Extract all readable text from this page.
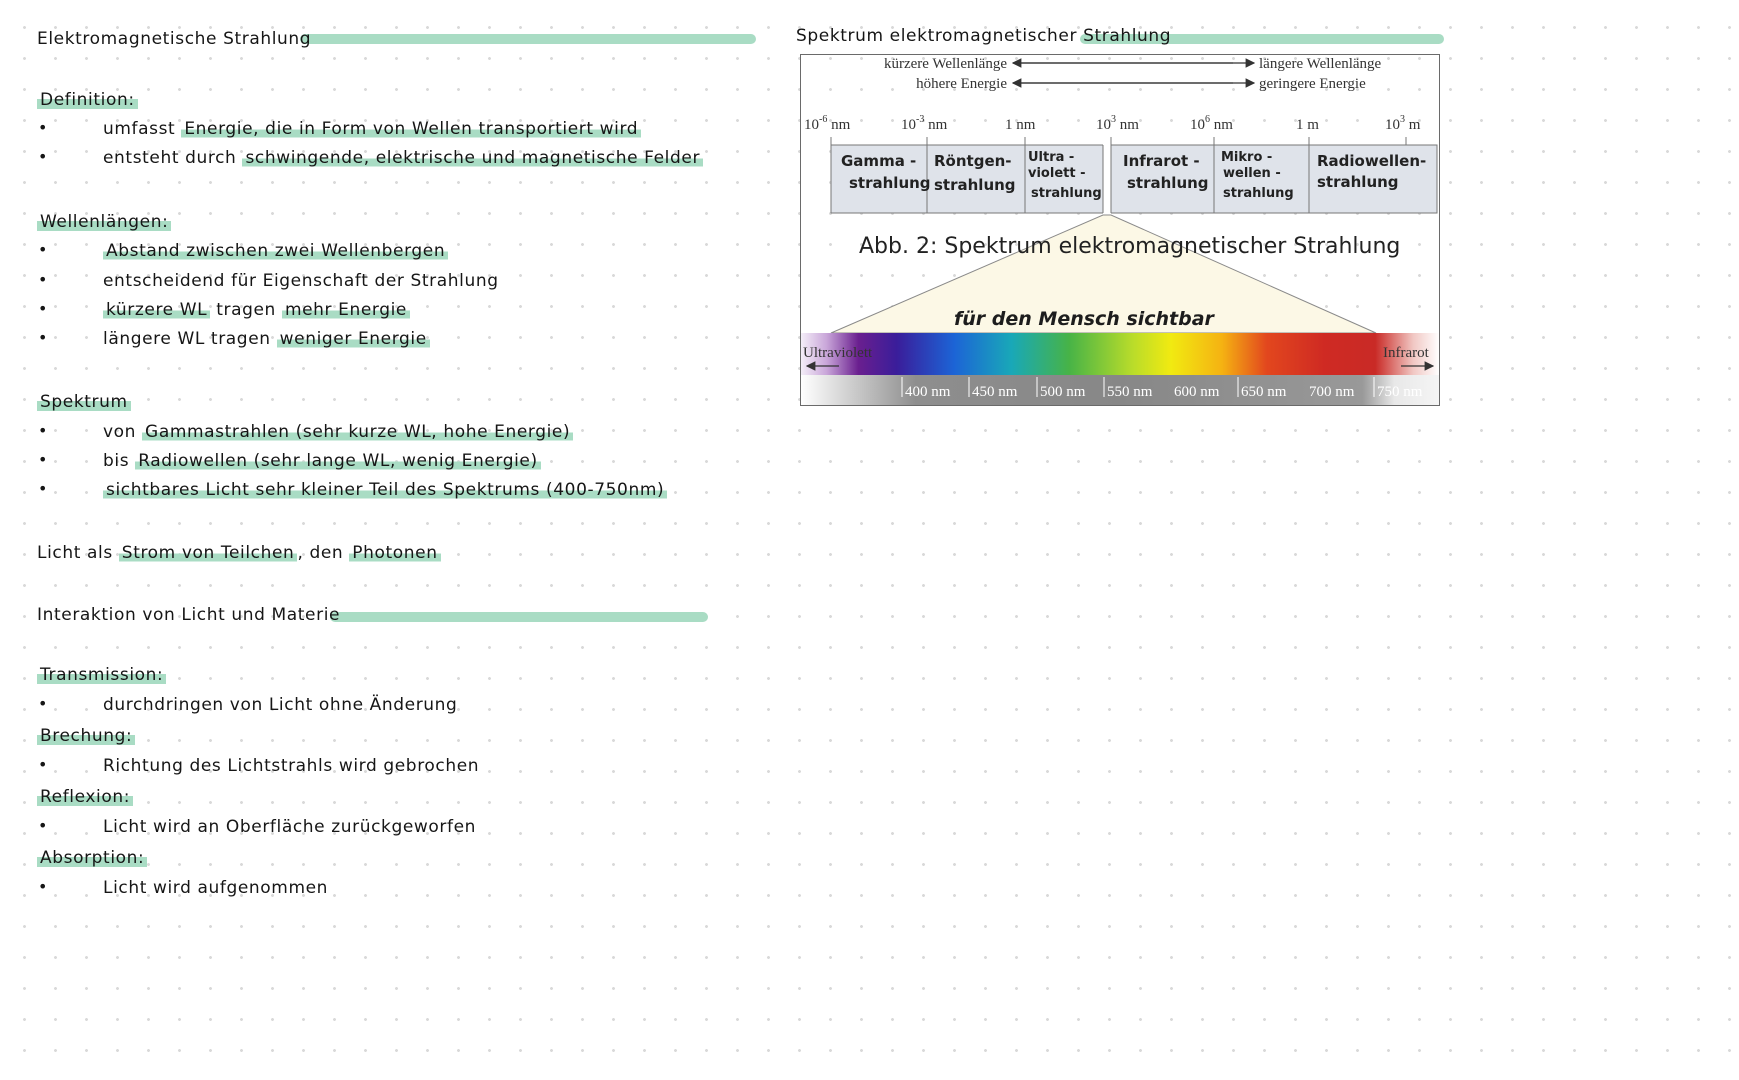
Elektromagnetische Strahlung
Definition:
•	umfasst Energie, die in Form von Wellen transportiert wird
•	entsteht durch schwingende, elektrische und magnetische Felder
Wellenlängen:
•	Abstand zwischen zwei Wellenbergen
•	entscheidend für Eigenschaft der Strahlung
•	kürzere WL tragen mehr Energie
•	längere WL tragen weniger Energie
Spektrum
•	von Gammastrahlen (sehr kurze WL, hohe Energie)
•	bis Radiowellen (sehr lange WL, wenig Energie)
•	sichtbares Licht sehr kleiner Teil des Spektrums (400-750nm)
Licht als Strom von Teilchen , den Photonen
Interaktion von Licht und Materie
Transmission:
•	durchdringen von Licht ohne Änderung
Brechung:
•	Richtung des Lichtstrahls wird gebrochen
Reflexion:
•	Licht wird an Oberfläche zurückgeworfen
Absorption:
•	Licht wird aufgenommen
Spektrum elektromagnetischer Strahlung
kürzere Wellenlänge	längere Wellenlänge
höhere Energie	geringere Energie
$10^{-6}$ nm	$10^{-3}$ nm	1 nm	$10^3$ nm	$10^6$ nm	1 m	$10^3$ m
Gamma -
strahlung
Röntgen-
strahlung
Ultra -
violett -
strahlung
Infrarot -
strahlung
Mikro -
wellen -
strahlung
Radiowellen-
strahlung
Abb. 2: Spektrum elektromagnetischer Strahlung
für den Mensch sichtbar
Ultraviolett	Infrarot
400 nm 450 nm 500 nm 550 nm 600 nm 650 nm 700 nm 750 nm
